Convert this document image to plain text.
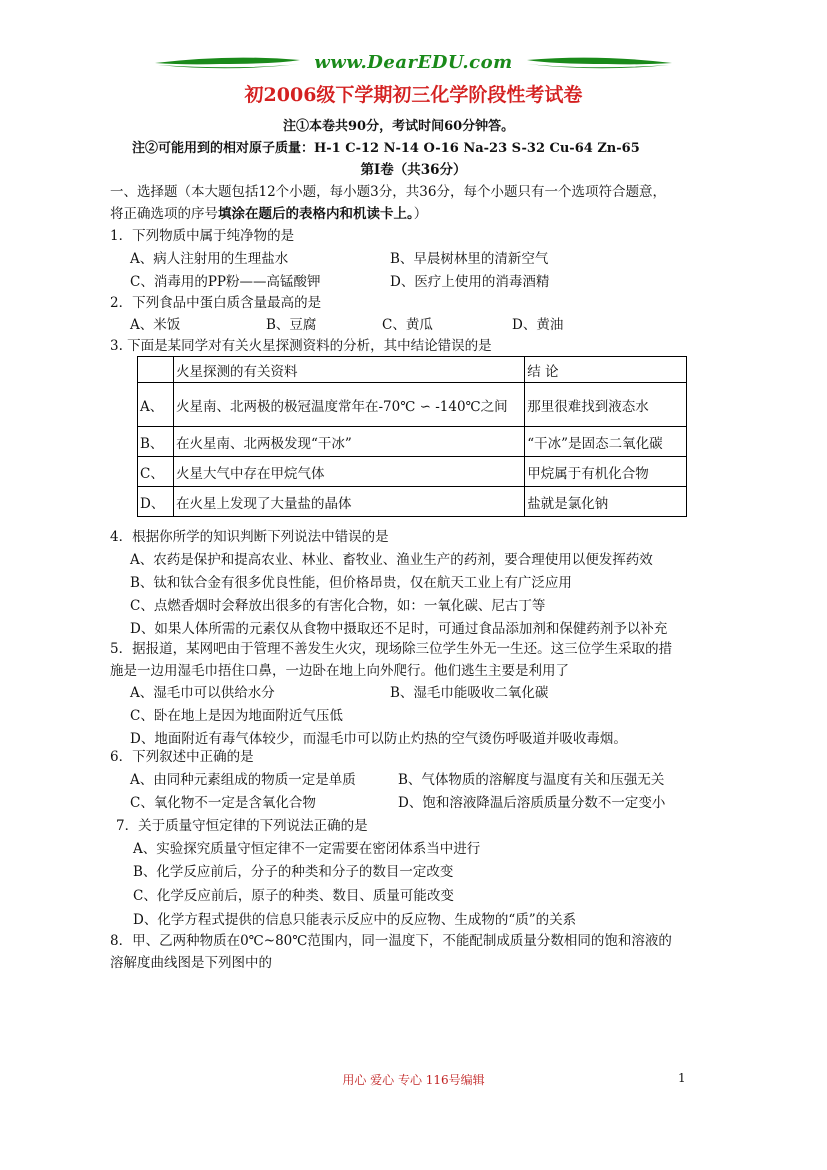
www.DearEDU.com
初2006级下学期初三化学阶段性考试卷
注①本卷共90分，考试时间60分钟答。
注②可能用到的相对原子质量：H-1 C-12 N-14 O-16 Na-23 S-32 Cu-64 Zn-65
第Ⅰ卷（共36分）
一、选择题（本大题包括12个小题，每小题3分，共36分，每个小题只有一个选项符合题意，
将正确选项的序号填涂在题后的表格内和机读卡上。）
1．下列物质中属于纯净物的是
A、病人注射用的生理盐水	B、早晨树林里的清新空气
C、消毒用的PP粉——高锰酸钾	D、医疗上使用的消毒酒精
2．下列食品中蛋白质含量最高的是
A、米饭	B、豆腐	C、黄瓜	D、黄油
3. 下面是某同学对有关火星探测资料的分析，其中结论错误的是
	火星探测的有关资料	结 论
A、	火星南、北两极的极冠温度常年在-70℃ ∽ -140℃之间	那里很难找到液态水
B、	在火星南、北两极发现“干冰”	“干冰”是固态二氧化碳
C、	火星大气中存在甲烷气体	甲烷属于有机化合物
D、	在火星上发现了大量盐的晶体	盐就是氯化钠
4．根据你所学的知识判断下列说法中错误的是
A、农药是保护和提高农业、林业、畜牧业、渔业生产的药剂，要合理使用以便发挥药效
B、钛和钛合金有很多优良性能，但价格昂贵，仅在航天工业上有广泛应用
C、点燃香烟时会释放出很多的有害化合物，如：一氧化碳、尼古丁等
D、如果人体所需的元素仅从食物中摄取还不足时，可通过食品添加剂和保健药剂予以补充
5．据报道，某网吧由于管理不善发生火灾，现场除三位学生外无一生还。这三位学生采取的措
施是一边用湿毛巾捂住口鼻，一边卧在地上向外爬行。他们逃生主要是利用了
A、湿毛巾可以供给水分	B、湿毛巾能吸收二氧化碳
C、卧在地上是因为地面附近气压低
D、地面附近有毒气体较少，而湿毛巾可以防止灼热的空气烫伤呼吸道并吸收毒烟。
6．下列叙述中正确的是
A、由同种元素组成的物质一定是单质	B、气体物质的溶解度与温度有关和压强无关
C、氧化物不一定是含氧化合物	D、饱和溶液降温后溶质质量分数不一定变小
7．关于质量守恒定律的下列说法正确的是
A、实验探究质量守恒定律不一定需要在密闭体系当中进行
B、化学反应前后，分子的种类和分子的数目一定改变
C、化学反应前后，原子的种类、数目、质量可能改变
D、化学方程式提供的信息只能表示反应中的反应物、生成物的“质”的关系
8．甲、乙两种物质在0℃~80℃范围内，同一温度下，不能配制成质量分数相同的饱和溶液的
溶解度曲线图是下列图中的
用心 爱心 专心 116号编辑	1
